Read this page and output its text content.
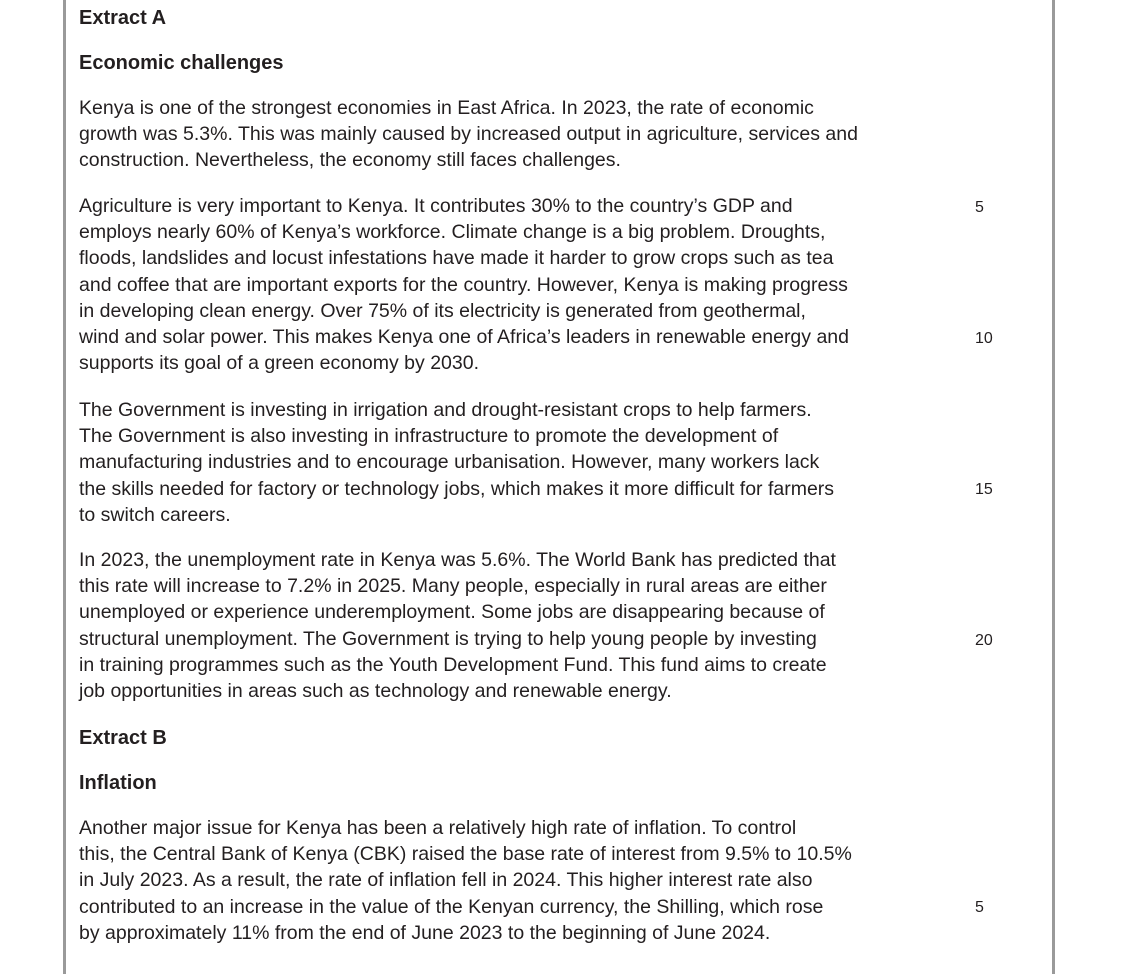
Extract A
Economic challenges
Kenya is one of the strongest economies in East Africa. In 2023, the rate of economic
growth was 5.3%. This was mainly caused by increased output in agriculture, services and
construction. Nevertheless, the economy still faces challenges.
Agriculture is very important to Kenya. It contributes 30% to the country’s GDP and
employs nearly 60% of Kenya’s workforce. Climate change is a big problem. Droughts,
floods, landslides and locust infestations have made it harder to grow crops such as tea
and coffee that are important exports for the country. However, Kenya is making progress
in developing clean energy. Over 75% of its electricity is generated from geothermal,
wind and solar power. This makes Kenya one of Africa’s leaders in renewable energy and
supports its goal of a green economy by 2030.
The Government is investing in irrigation and drought-resistant crops to help farmers.
The Government is also investing in infrastructure to promote the development of
manufacturing industries and to encourage urbanisation. However, many workers lack
the skills needed for factory or technology jobs, which makes it more difficult for farmers
to switch careers.
In 2023, the unemployment rate in Kenya was 5.6%. The World Bank has predicted that
this rate will increase to 7.2% in 2025. Many people, especially in rural areas are either
unemployed or experience underemployment. Some jobs are disappearing because of
structural unemployment. The Government is trying to help young people by investing
in training programmes such as the Youth Development Fund. This fund aims to create
job opportunities in areas such as technology and renewable energy.
5
10
15
20
Extract B
Inflation
Another major issue for Kenya has been a relatively high rate of inflation. To control
this, the Central Bank of Kenya (CBK) raised the base rate of interest from 9.5% to 10.5%
in July 2023. As a result, the rate of inflation fell in 2024. This higher interest rate also
contributed to an increase in the value of the Kenyan currency, the Shilling, which rose
by approximately 11% from the end of June 2023 to the beginning of June 2024.
5
